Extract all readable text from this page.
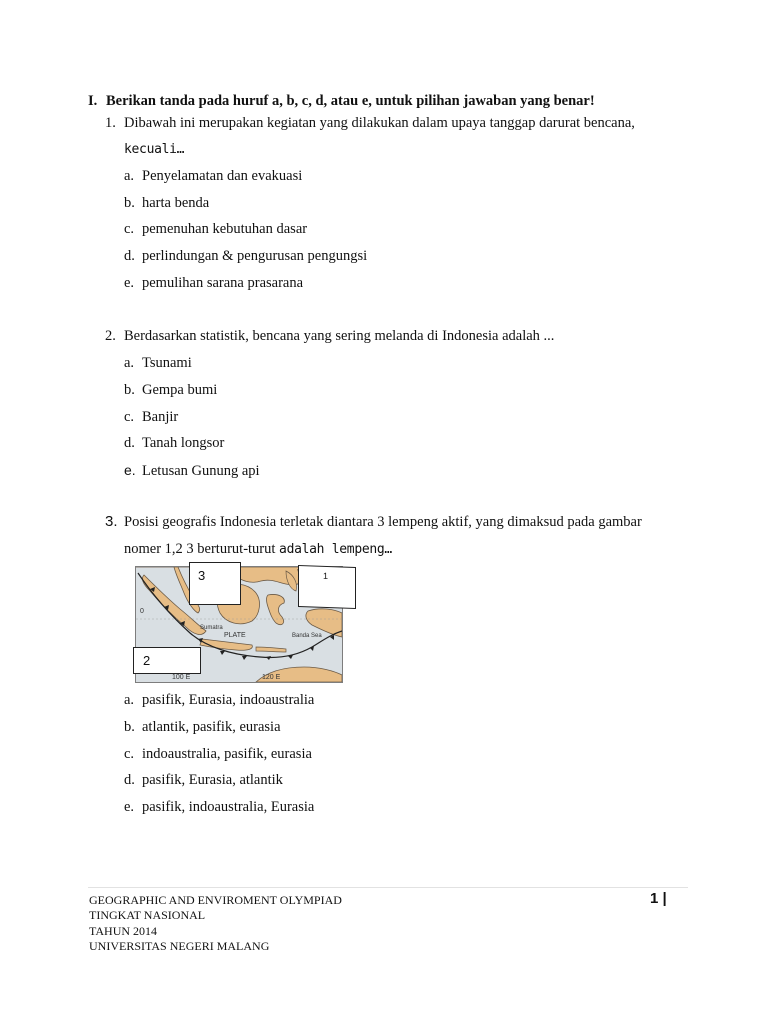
I. Berikan tanda pada huruf a, b, c, d, atau e, untuk pilihan jawaban yang benar!
1. Dibawah ini merupakan kegiatan yang dilakukan dalam upaya tanggap darurat bencana,
kecuali…
a. Penyelamatan dan evakuasi
b. harta benda
c. pemenuhan kebutuhan dasar
d. perlindungan & pengurusan pengungsi
e. pemulihan sarana prasarana
2. Berdasarkan statistik, bencana yang sering melanda di Indonesia adalah ...
a. Tsunami
b. Gempa bumi
c. Banjir
d. Tanah longsor
e. Letusan Gunung api
3. Posisi geografis Indonesia terletak diantara 3 lempeng aktif, yang dimaksud pada gambar
nomer 1,2 3 berturut-turut adalah lempeng…
0
Sumatra
PLATE	Banda Sea
100 E	120 E
3	1
2
a. pasifik, Eurasia, indoaustralia
b. atlantik, pasifik, eurasia
c. indoaustralia, pasifik, eurasia
d. pasifik, Eurasia, atlantik
e. pasifik, indoaustralia, Eurasia
GEOGRAPHIC AND ENVIROMENT OLYMPIAD
TINGKAT NASIONAL
TAHUN 2014
UNIVERSITAS NEGERI MALANG
1 |
